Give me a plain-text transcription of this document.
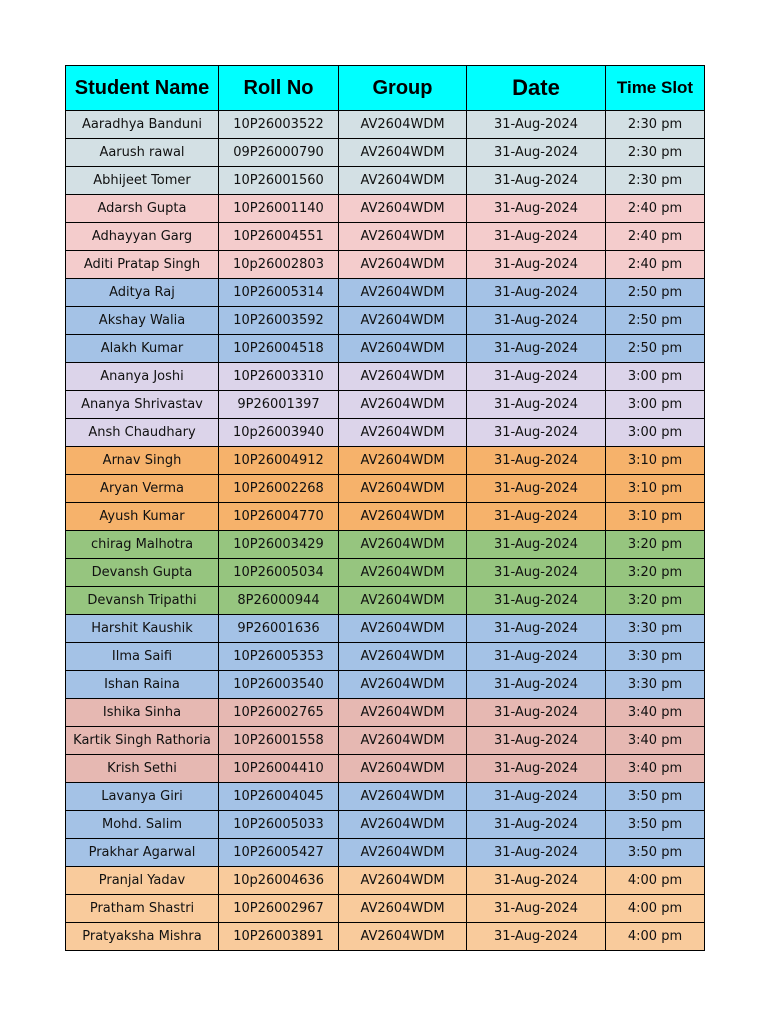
Student Name	Roll No	Group	Date	Time Slot
Aaradhya Banduni	10P26003522	AV2604WDM	31-Aug-2024	2:30 pm
Aarush rawal	09P26000790	AV2604WDM	31-Aug-2024	2:30 pm
Abhijeet Tomer	10P26001560	AV2604WDM	31-Aug-2024	2:30 pm
Adarsh Gupta	10P26001140	AV2604WDM	31-Aug-2024	2:40 pm
Adhayyan Garg	10P26004551	AV2604WDM	31-Aug-2024	2:40 pm
Aditi Pratap Singh	10p26002803	AV2604WDM	31-Aug-2024	2:40 pm
Aditya Raj	10P26005314	AV2604WDM	31-Aug-2024	2:50 pm
Akshay Walia	10P26003592	AV2604WDM	31-Aug-2024	2:50 pm
Alakh Kumar	10P26004518	AV2604WDM	31-Aug-2024	2:50 pm
Ananya Joshi	10P26003310	AV2604WDM	31-Aug-2024	3:00 pm
Ananya Shrivastav	9P26001397	AV2604WDM	31-Aug-2024	3:00 pm
Ansh Chaudhary	10p26003940	AV2604WDM	31-Aug-2024	3:00 pm
Arnav Singh	10P26004912	AV2604WDM	31-Aug-2024	3:10 pm
Aryan Verma	10P26002268	AV2604WDM	31-Aug-2024	3:10 pm
Ayush Kumar	10P26004770	AV2604WDM	31-Aug-2024	3:10 pm
chirag Malhotra	10P26003429	AV2604WDM	31-Aug-2024	3:20 pm
Devansh Gupta	10P26005034	AV2604WDM	31-Aug-2024	3:20 pm
Devansh Tripathi	8P26000944	AV2604WDM	31-Aug-2024	3:20 pm
Harshit Kaushik	9P26001636	AV2604WDM	31-Aug-2024	3:30 pm
Ilma Saifi	10P26005353	AV2604WDM	31-Aug-2024	3:30 pm
Ishan Raina	10P26003540	AV2604WDM	31-Aug-2024	3:30 pm
Ishika Sinha	10P26002765	AV2604WDM	31-Aug-2024	3:40 pm
Kartik Singh Rathoria	10P26001558	AV2604WDM	31-Aug-2024	3:40 pm
Krish Sethi	10P26004410	AV2604WDM	31-Aug-2024	3:40 pm
Lavanya Giri	10P26004045	AV2604WDM	31-Aug-2024	3:50 pm
Mohd. Salim	10P26005033	AV2604WDM	31-Aug-2024	3:50 pm
Prakhar Agarwal	10P26005427	AV2604WDM	31-Aug-2024	3:50 pm
Pranjal Yadav	10p26004636	AV2604WDM	31-Aug-2024	4:00 pm
Pratham Shastri	10P26002967	AV2604WDM	31-Aug-2024	4:00 pm
Pratyaksha Mishra	10P26003891	AV2604WDM	31-Aug-2024	4:00 pm
